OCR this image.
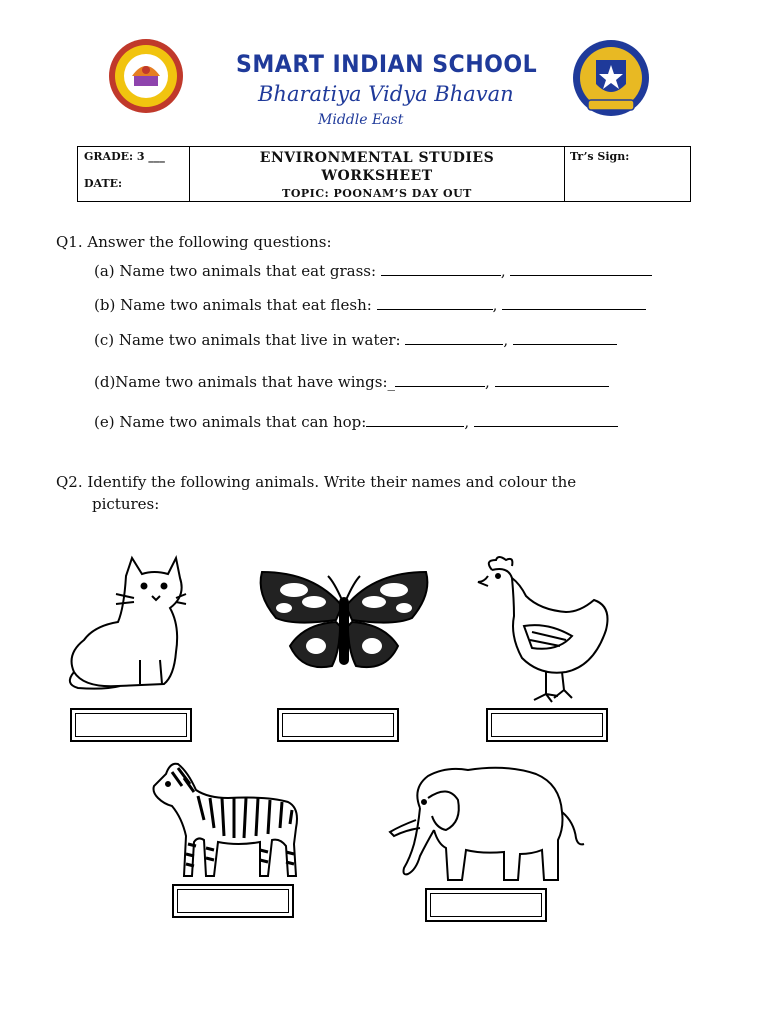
SMART INDIAN SCHOOL
Bharatiya Vidya Bhavan
Middle East
GRADE: 3 ___
DATE:
ENVIRONMENTAL STUDIES
WORKSHEET
TOPIC: POONAM’S DAY OUT
Tr’s Sign:
Q1. Answer the following questions:
(a) Name two animals that eat grass:	,
(b) Name two animals that eat flesh:	,
(c) Name two animals that live in water:	,
(d)Name two animals that have wings:_	,
(e) Name two animals that can hop:	,
Q2. Identify the following animals. Write their names and colour the
pictures:
